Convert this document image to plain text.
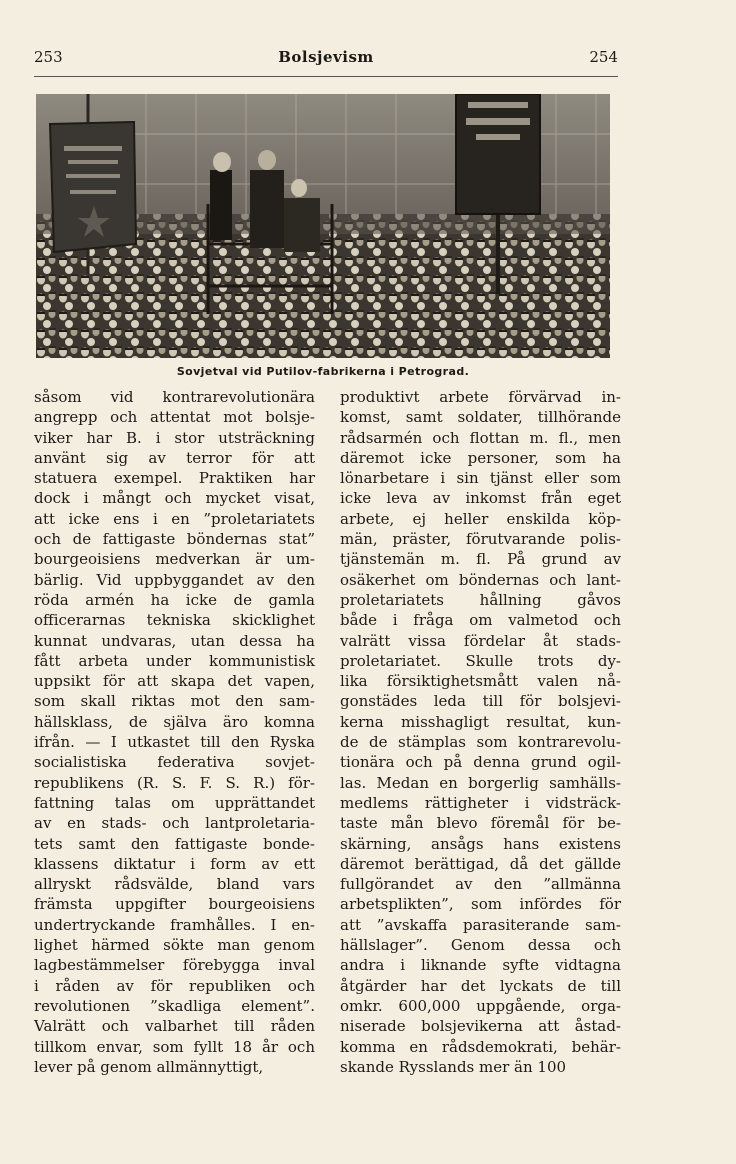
253	Bolsjevism	254
Sovjetval vid Putilov-fabrikerna i Petrograd.
såsom vid kontrarevolutionära
angrepp och attentat mot bolsje-
viker har B. i stor utsträckning
använt sig av terror för att
statuera exempel. Praktiken har
dock i mångt och mycket visat,
att icke ens i en ”proletariatets
och de fattigaste böndernas stat”
bourgeoisiens medverkan är um-
bärlig. Vid uppbyggandet av den
röda armén ha icke de gamla
officerarnas tekniska skicklighet
kunnat undvaras, utan dessa ha
fått arbeta under kommunistisk
uppsikt för att skapa det vapen,
som skall riktas mot den sam-
hällsklass, de själva äro komna
ifrån. — I utkastet till den Ryska
socialistiska federativa sovjet-
republikens (R. S. F. S. R.) för-
fattning talas om upprättandet
av en stads- och lantproletaria-
tets samt den fattigaste bonde-
klassens diktatur i form av ett
allryskt rådsvälde, bland vars
främsta uppgifter bourgeoisiens
undertryckande framhålles. I en-
lighet härmed sökte man genom
lagbestämmelser förebygga inval
i råden av för republiken och
revolutionen ”skadliga element”.
Valrätt och valbarhet till råden
tillkom envar, som fyllt 18 år och
lever på genom allmännyttigt,
produktivt arbete förvärvad in-
komst, samt soldater, tillhörande
rådsarmén och flottan m. fl., men
däremot icke personer, som ha
lönarbetare i sin tjänst eller som
icke leva av inkomst från eget
arbete, ej heller enskilda köp-
män, präster, förutvarande polis-
tjänstemän m. fl. På grund av
osäkerhet om böndernas och lant-
proletariatets hållning gåvos
både i fråga om valmetod och
valrätt vissa fördelar åt stads-
proletariatet. Skulle trots dy-
lika försiktighetsmått valen nå-
gonstädes leda till för bolsjevi-
kerna misshagligt resultat, kun-
de de stämplas som kontrarevolu-
tionära och på denna grund ogil-
las. Medan en borgerlig samhälls-
medlems rättigheter i vidsträck-
taste mån blevo föremål för be-
skärning, ansågs hans existens
däremot berättigad, då det gällde
fullgörandet av den ”allmänna
arbetsplikten”, som infördes för
att ”avskaffa parasiterande sam-
hällslager”. Genom dessa och
andra i liknande syfte vidtagna
åtgärder har det lyckats de till
omkr. 600,000 uppgående, orga-
niserade bolsjevikerna att åstad-
komma en rådsdemokrati, behär-
skande Rysslands mer än 100
